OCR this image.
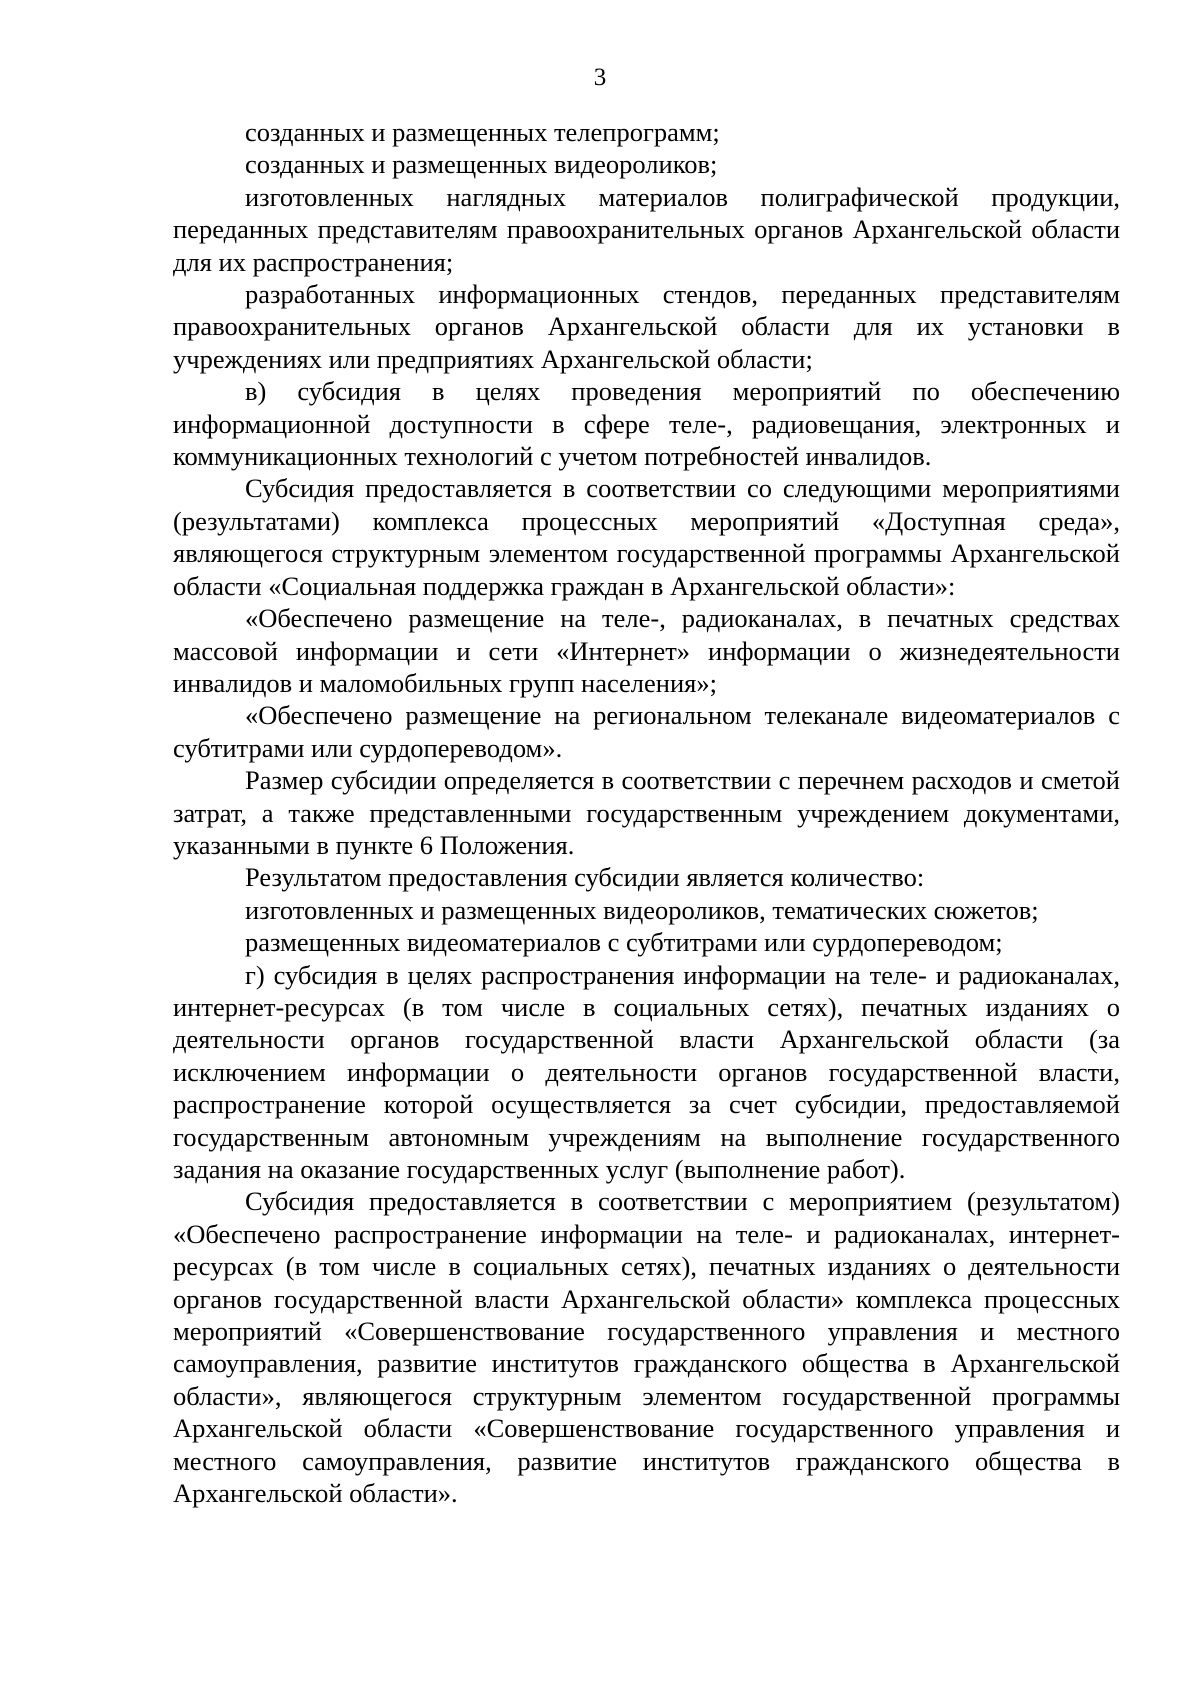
3

созданных и размещенных телепрограмм;

созданных и размещенных видеороликов;

изготовленных наглядных материалов полиграфической продукции, переданных представителям правоохранительных органов Архангельской области для их распространения;

разработанных информационных стендов, переданных представителям правоохранительных органов Архангельской области для их установки в учреждениях или предприятиях Архангельской области;

в) субсидия в целях проведения мероприятий по обеспечению информационной доступности в сфере теле-, радиовещания, электронных и коммуникационных технологий с учетом потребностей инвалидов.

Субсидия предоставляется в соответствии со следующими мероприятиями (результатами) комплекса процессных мероприятий «Доступная среда», являющегося структурным элементом государственной программы Архангельской области «Социальная поддержка граждан в Архангельской области»:

«Обеспечено размещение на теле-, радиоканалах, в печатных средствах массовой информации и сети «Интернет» информации о жизнедеятельности инвалидов и маломобильных групп населения»;

«Обеспечено размещение на региональном телеканале видеоматериалов с субтитрами или сурдопереводом».

Размер субсидии определяется в соответствии с перечнем расходов и сметой затрат, а также представленными государственным учреждением документами, указанными в пункте 6 Положения.

Результатом предоставления субсидии является количество:

изготовленных и размещенных видеороликов, тематических сюжетов;

размещенных видеоматериалов с субтитрами или сурдопереводом;

г) субсидия в целях распространения информации на теле- и радиоканалах, интернет-ресурсах (в том числе в социальных сетях), печатных изданиях о деятельности органов государственной власти Архангельской области (за исключением информации о деятельности органов государственной власти, распространение которой осуществляется за счет субсидии, предоставляемой государственным автономным учреждениям на выполнение государственного задания на оказание государственных услуг (выполнение работ).

Субсидия предоставляется в соответствии с мероприятием (результатом) «Обеспечено распространение информации на теле- и радиоканалах, интернет-ресурсах (в том числе в социальных сетях), печатных изданиях о деятельности органов государственной власти Архангельской области» комплекса процессных мероприятий «Совершенствование государственного управления и местного самоуправления, развитие институтов гражданского общества в Архангельской области», являющегося структурным элементом государственной программы Архангельской области «Совершенствование государственного управления и местного самоуправления, развитие институтов гражданского общества в Архангельской области».
